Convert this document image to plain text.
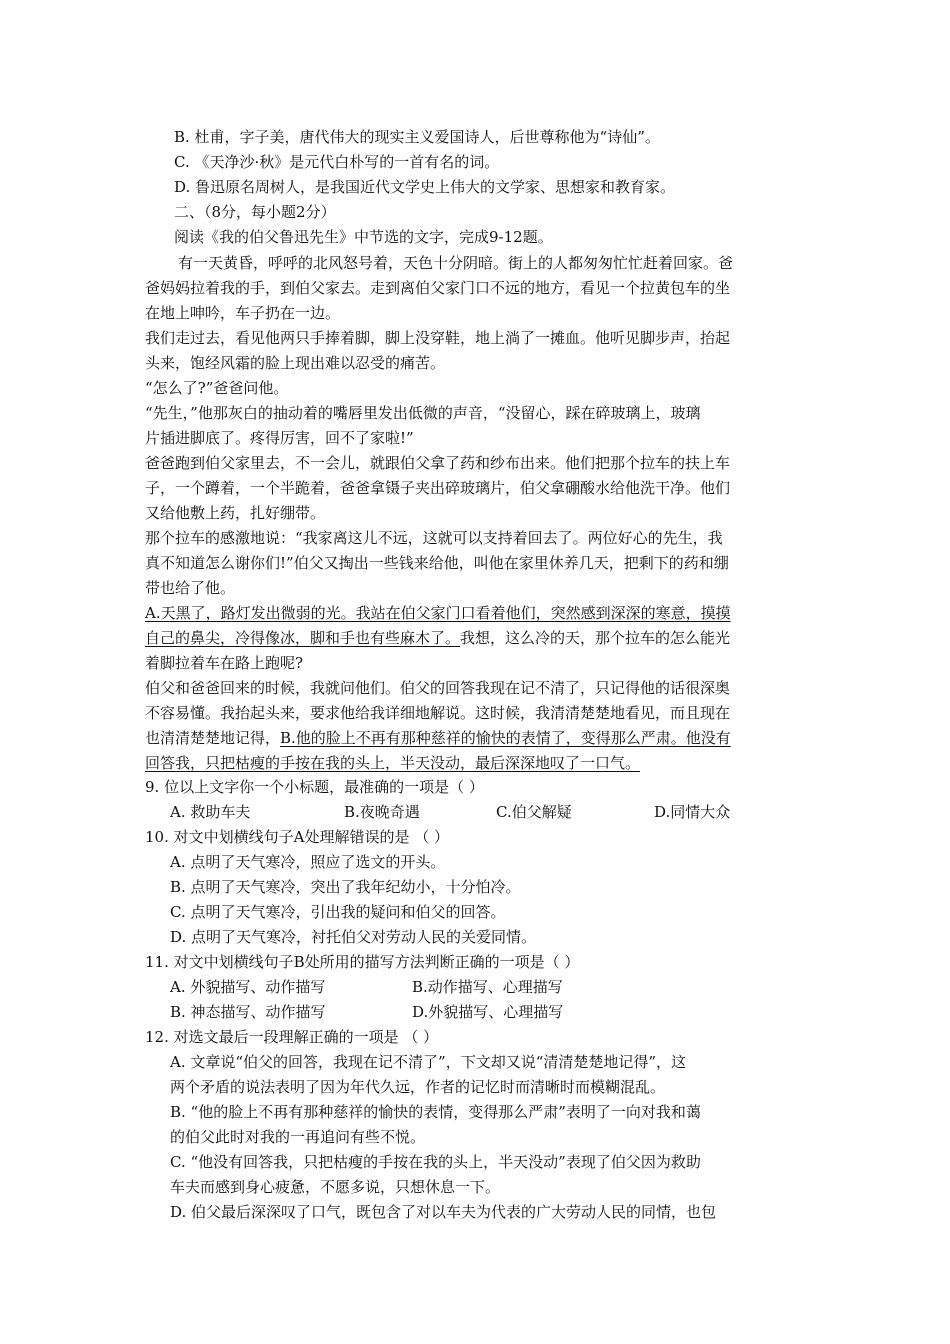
B. 杜甫，字子美，唐代伟大的现实主义爱国诗人，后世尊称他为“诗仙”。
C. 《天净沙·秋》是元代白朴写的一首有名的词。
D. 鲁迅原名周树人，是我国近代文学史上伟大的文学家、思想家和教育家。
二、（8分，每小题2分）
阅读《我的伯父鲁迅先生》中节选的文字，完成9-12题。
有一天黄昏，呼呼的北风怒号着，天色十分阴暗。街上的人都匆匆忙忙赶着回家。爸
爸妈妈拉着我的手，到伯父家去。走到离伯父家门口不远的地方，看见一个拉黄包车的坐
在地上呻吟，车子扔在一边。
我们走过去，看见他两只手捧着脚，脚上没穿鞋，地上淌了一摊血。他听见脚步声，抬起
头来，饱经风霜的脸上现出难以忍受的痛苦。
“怎么了?”爸爸问他。
“先生，”他那灰白的抽动着的嘴唇里发出低微的声音，“没留心，踩在碎玻璃上，玻璃
片插进脚底了。疼得厉害，回不了家啦!”
爸爸跑到伯父家里去，不一会儿，就跟伯父拿了药和纱布出来。他们把那个拉车的扶上车
子，一个蹲着，一个半跪着，爸爸拿镊子夹出碎玻璃片，伯父拿硼酸水给他洗干净。他们
又给他敷上药，扎好绷带。
那个拉车的感激地说：“我家离这儿不远，这就可以支持着回去了。两位好心的先生，我
真不知道怎么谢你们!”伯父又掏出一些钱来给他，叫他在家里休养几天，把剩下的药和绷
带也给了他。
A.天黑了，路灯发出微弱的光。我站在伯父家门口看着他们，突然感到深深的寒意，摸摸
自己的鼻尖，冷得像冰，脚和手也有些麻木了。我想，这么冷的天，那个拉车的怎么能光
着脚拉着车在路上跑呢?
伯父和爸爸回来的时候，我就问他们。伯父的回答我现在记不清了，只记得他的话很深奥
不容易懂。我抬起头来，要求他给我详细地解说。这时候，我清清楚楚地看见，而且现在
也清清楚楚地记得，B.他的脸上不再有那种慈祥的愉快的表情了，变得那么严肃。他没有
回答我，只把枯瘦的手按在我的头上，半天没动，最后深深地叹了一口气。
9. 位以上文字你一个小标题，最准确的一项是（ ）
A. 救助车夫	B.夜晚奇遇	C.伯父解疑	D.同情大众
10. 对文中划横线句子A处理解错误的是 （ ）
A. 点明了天气寒冷，照应了选文的开头。
B. 点明了天气寒冷，突出了我年纪幼小，十分怕冷。
C. 点明了天气寒冷，引出我的疑问和伯父的回答。
D. 点明了天气寒冷，衬托伯父对劳动人民的关爱同情。
11. 对文中划横线句子B处所用的描写方法判断正确的一项是（ ）
A. 外貌描写、动作描写	B.动作描写、心理描写
B. 神态描写、动作描写	D.外貌描写、心理描写
12. 对选文最后一段理解正确的一项是 （ ）
A. 文章说“伯父的回答，我现在记不清了”，下文却又说“清清楚楚地记得”，这
两个矛盾的说法表明了因为年代久远，作者的记忆时而清晰时而模糊混乱。
B. “他的脸上不再有那种慈祥的愉快的表情，变得那么严肃”表明了一向对我和蔼
的伯父此时对我的一再追问有些不悦。
C. “他没有回答我，只把枯瘦的手按在我的头上，半天没动”表现了伯父因为救助
车夫而感到身心疲惫，不愿多说，只想休息一下。
D. 伯父最后深深叹了口气，既包含了对以车夫为代表的广大劳动人民的同情，也包
